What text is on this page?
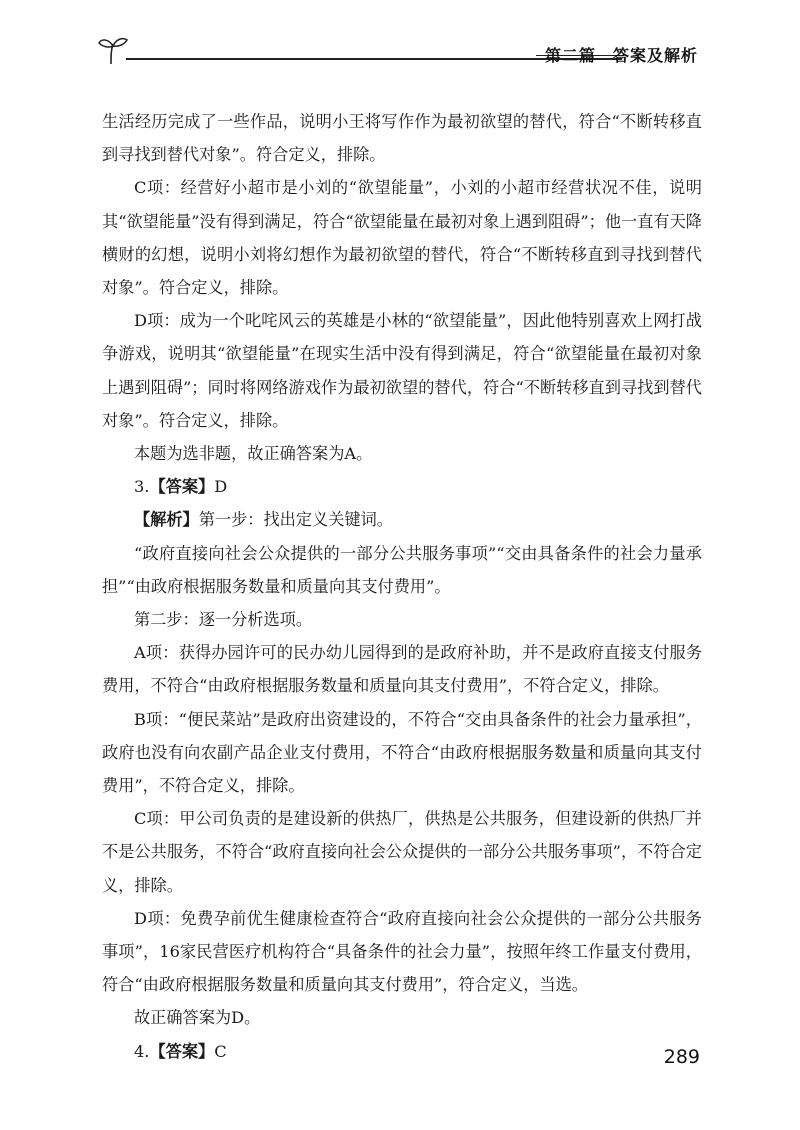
第二篇　答案及解析

生活经历完成了一些作品，说明小王将写作作为最初欲望的替代，符合“不断转移直到寻找到替代对象”。符合定义，排除。

C项：经营好小超市是小刘的“欲望能量”，小刘的小超市经营状况不佳，说明其“欲望能量”没有得到满足，符合“欲望能量在最初对象上遇到阻碍”；他一直有天降横财的幻想，说明小刘将幻想作为最初欲望的替代，符合“不断转移直到寻找到替代对象”。符合定义，排除。

D项：成为一个叱咤风云的英雄是小林的“欲望能量”，因此他特别喜欢上网打战争游戏，说明其“欲望能量”在现实生活中没有得到满足，符合“欲望能量在最初对象上遇到阻碍”；同时将网络游戏作为最初欲望的替代，符合“不断转移直到寻找到替代对象”。符合定义，排除。

本题为选非题，故正确答案为A。

3.【答案】D

【解析】第一步：找出定义关键词。

“政府直接向社会公众提供的一部分公共服务事项”“交由具备条件的社会力量承担”“由政府根据服务数量和质量向其支付费用”。

第二步：逐一分析选项。

A项：获得办园许可的民办幼儿园得到的是政府补助，并不是政府直接支付服务费用，不符合“由政府根据服务数量和质量向其支付费用”，不符合定义，排除。

B项：“便民菜站”是政府出资建设的，不符合“交由具备条件的社会力量承担”，政府也没有向农副产品企业支付费用，不符合“由政府根据服务数量和质量向其支付费用”，不符合定义，排除。

C项：甲公司负责的是建设新的供热厂，供热是公共服务，但建设新的供热厂并不是公共服务，不符合“政府直接向社会公众提供的一部分公共服务事项”，不符合定义，排除。

D项：免费孕前优生健康检查符合“政府直接向社会公众提供的一部分公共服务事项”，16家民营医疗机构符合“具备条件的社会力量”，按照年终工作量支付费用，符合“由政府根据服务数量和质量向其支付费用”，符合定义，当选。

故正确答案为D。

4.【答案】C	289
